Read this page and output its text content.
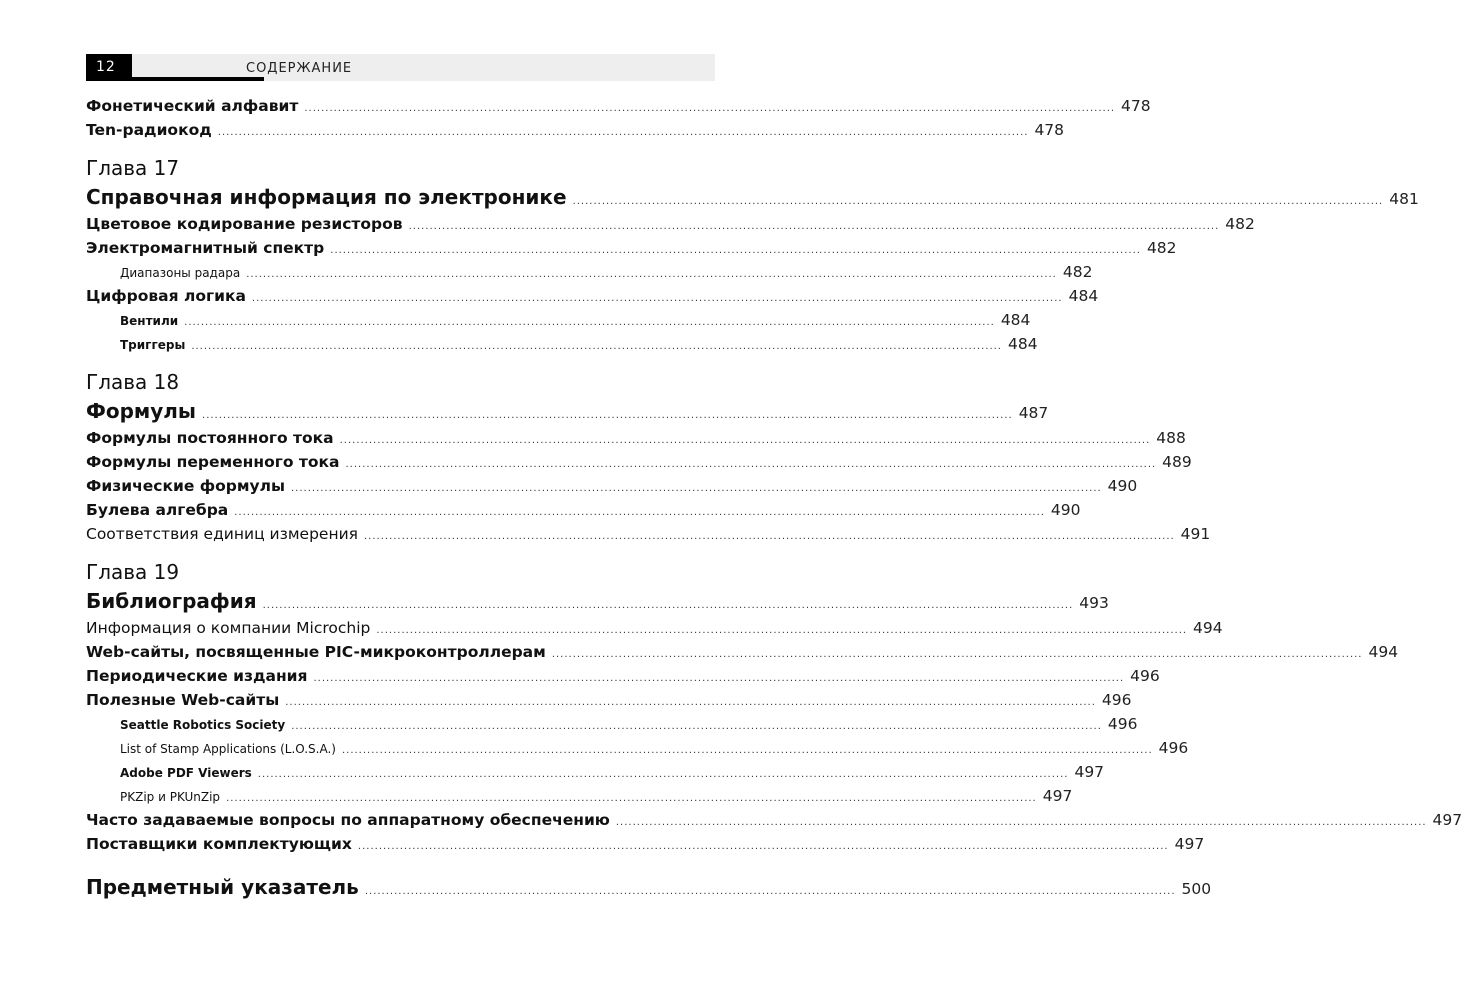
12	СОДЕРЖАНИЕ
Фонетический алфавит .................................................................................................................................................................................................. 478
Ten-радиокод .................................................................................................................................................................................................. 478
Глава 17
Справочная информация по электронике .................................................................................................................................................................................................. 481
Цветовое кодирование резисторов .................................................................................................................................................................................................. 482
Электромагнитный спектр .................................................................................................................................................................................................. 482
Диапазоны радара .................................................................................................................................................................................................. 482
Цифровая логика .................................................................................................................................................................................................. 484
Вентили .................................................................................................................................................................................................. 484
Триггеры .................................................................................................................................................................................................. 484
Глава 18
Формулы .................................................................................................................................................................................................. 487
Формулы постоянного тока .................................................................................................................................................................................................. 488
Формулы переменного тока .................................................................................................................................................................................................. 489
Физические формулы .................................................................................................................................................................................................. 490
Булева алгебра .................................................................................................................................................................................................. 490
Соответствия единиц измерения .................................................................................................................................................................................................. 491
Глава 19
Библиография .................................................................................................................................................................................................. 493
Информация о компании Microchip .................................................................................................................................................................................................. 494
Web-сайты, посвященные PIC-микроконтроллерам .................................................................................................................................................................................................. 494
Периодические издания .................................................................................................................................................................................................. 496
Полезные Web-сайты .................................................................................................................................................................................................. 496
Seattle Robotics Society .................................................................................................................................................................................................. 496
List of Stamp Applications (L.O.S.A.) .................................................................................................................................................................................................. 496
Adobe PDF Viewers .................................................................................................................................................................................................. 497
PKZip и PKUnZip .................................................................................................................................................................................................. 497
Часто задаваемые вопросы по аппаратному обеспечению .................................................................................................................................................................................................. 497
Поставщики комплектующих .................................................................................................................................................................................................. 497
Предметный указатель .................................................................................................................................................................................................. 500
